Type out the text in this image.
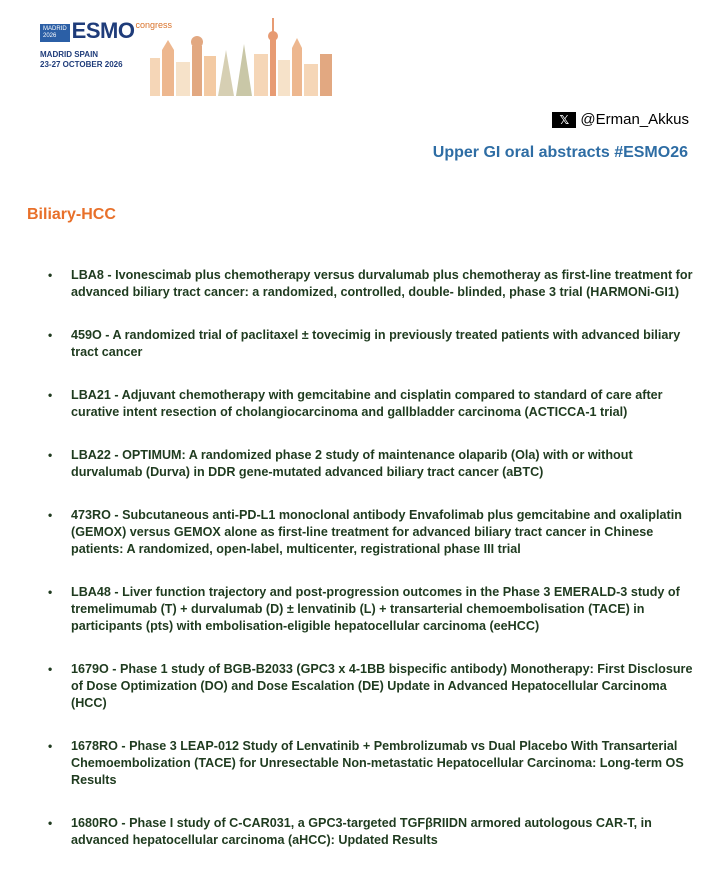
MADRID
2026 ESMO congress
MADRID SPAIN
23-27 OCTOBER 2026
𝕏 @Erman_Akkus
Upper GI oral abstracts #ESMO26
Biliary-HCC
•	LBA8 - Ivonescimab plus chemotherapy versus durvalumab plus chemotheray as first-line treatment for advanced biliary tract cancer: a randomized, controlled, double- blinded, phase 3 trial (HARMONi-GI1)
•	459O - A randomized trial of paclitaxel ± tovecimig in previously treated patients with advanced biliary tract cancer
•	LBA21 - Adjuvant chemotherapy with gemcitabine and cisplatin compared to standard of care after curative intent resection of cholangiocarcinoma and gallbladder carcinoma (ACTICCA-1 trial)
•	LBA22 - OPTIMUM: A randomized phase 2 study of maintenance olaparib (Ola) with or without durvalumab (Durva) in DDR gene-mutated advanced biliary tract cancer (aBTC)
•	473RO - Subcutaneous anti-PD-L1 monoclonal antibody Envafolimab plus gemcitabine and oxaliplatin (GEMOX) versus GEMOX alone as first-line treatment for advanced biliary tract cancer in Chinese patients: A randomized, open-label, multicenter, registrational phase III trial
•	LBA48 - Liver function trajectory and post-progression outcomes in the Phase 3 EMERALD-3 study of tremelimumab (T) + durvalumab (D) ± lenvatinib (L) + transarterial chemoembolisation (TACE) in participants (pts) with embolisation-eligible hepatocellular carcinoma (eeHCC)
•	1679O - Phase 1 study of BGB-B2033 (GPC3 x 4-1BB bispecific antibody) Monotherapy: First Disclosure of Dose Optimization (DO) and Dose Escalation (DE) Update in Advanced Hepatocellular Carcinoma (HCC)
•	1678RO - Phase 3 LEAP-012 Study of Lenvatinib + Pembrolizumab vs Dual Placebo With Transarterial Chemoembolization (TACE) for Unresectable Non-metastatic Hepatocellular Carcinoma: Long-term OS Results
•	1680RO - Phase I study of C-CAR031, a GPC3-targeted TGFβRIIDN armored autologous CAR-T, in advanced hepatocellular carcinoma (aHCC): Updated Results
